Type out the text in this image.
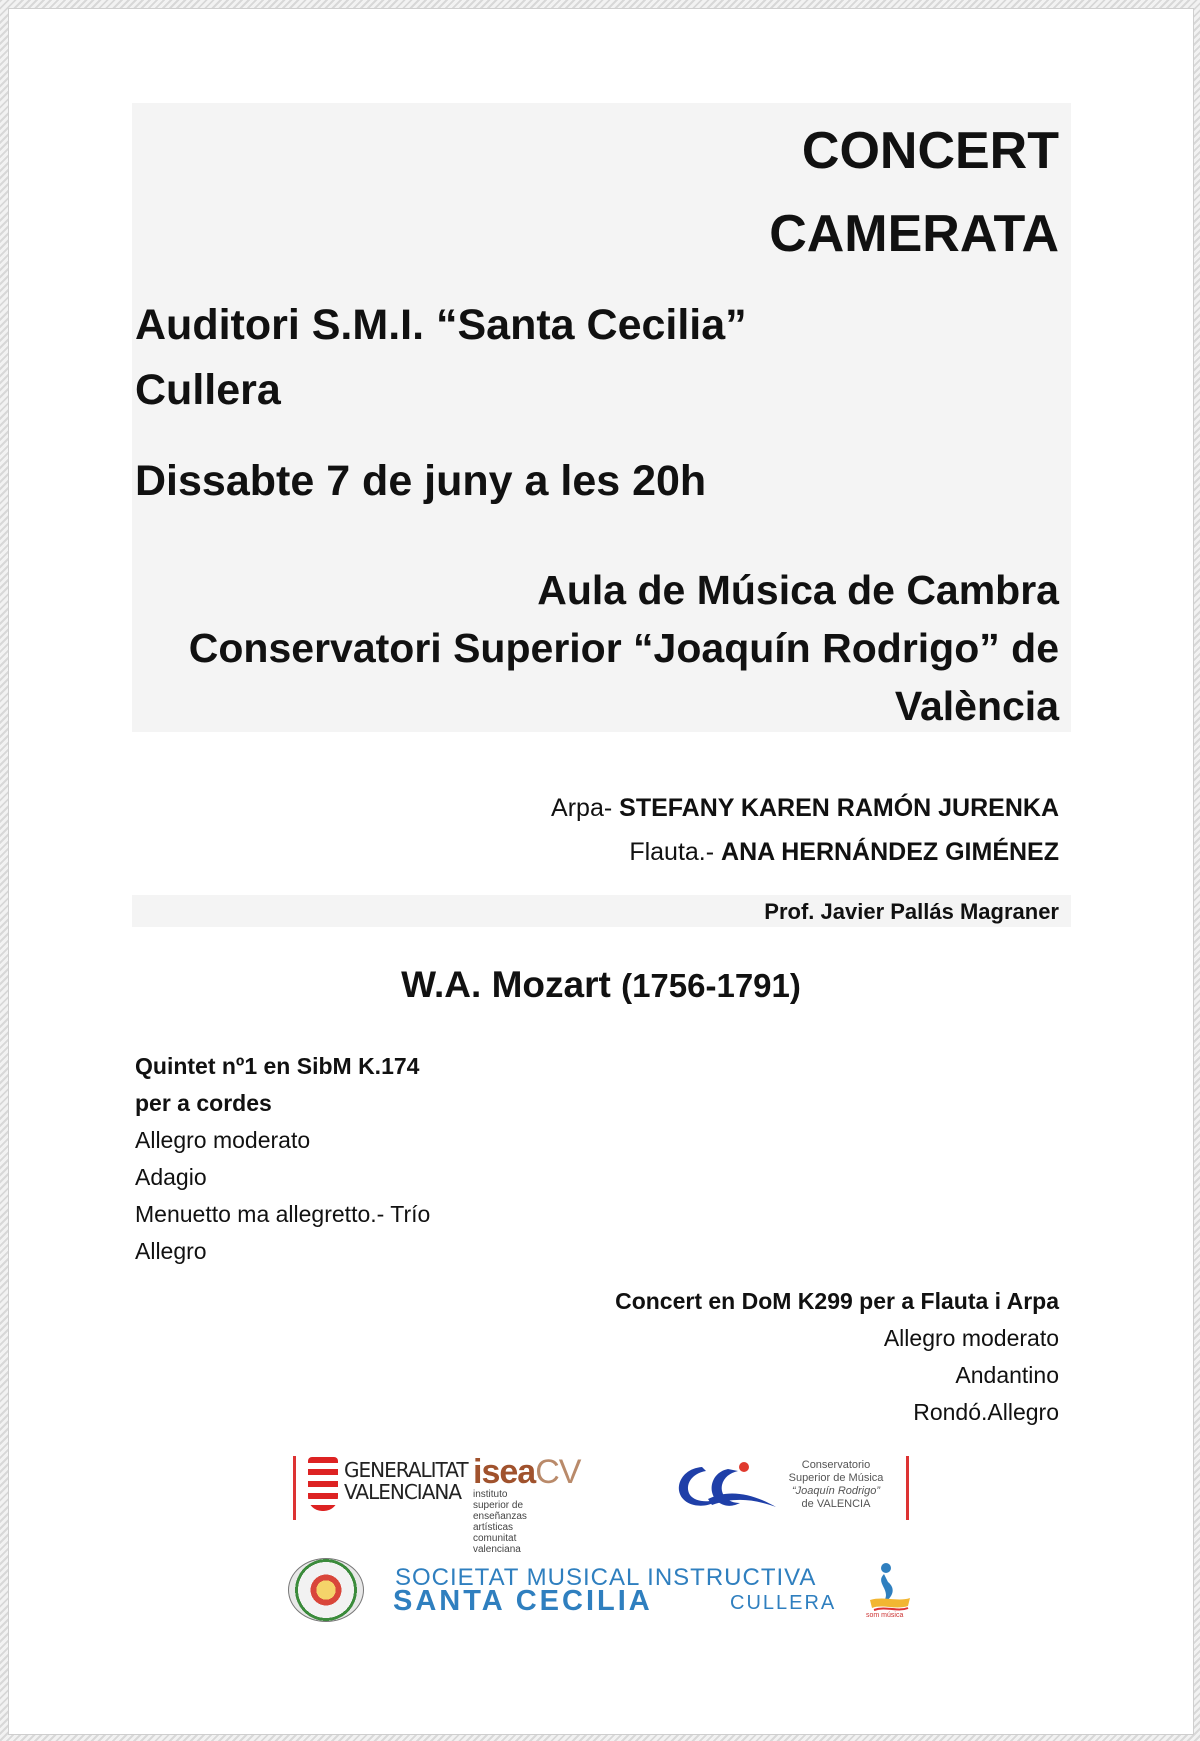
CONCERT
CAMERATA
Auditori S.M.I. “Santa Cecilia”
Cullera
Dissabte 7 de juny a les 20h
Aula de Música de Cambra
Conservatori Superior “Joaquín Rodrigo” de
València
Arpa- STEFANY KAREN RAMÓN JURENKA
Flauta.- ANA HERNÁNDEZ GIMÉNEZ
Prof. Javier Pallás Magraner
W.A. Mozart (1756-1791)
Quintet nº1 en SibM K.174
per a cordes
Allegro moderato
Adagio
Menuetto ma allegretto.- Trío
Allegro
Concert en DoM K299 per a Flauta i Arpa
Allegro moderato
Andantino
Rondó.Allegro
GENERALITAT
VALENCIANA
iseaCV
instituto superior de
enseñanzas artísticas
comunitat valenciana
Conservatorio
Superior de Música
“Joaquín Rodrigo”
de VALENCIA
SOCIETAT MUSICAL INSTRUCTIVA
SANTA CECILIA	CULLERA
som música
